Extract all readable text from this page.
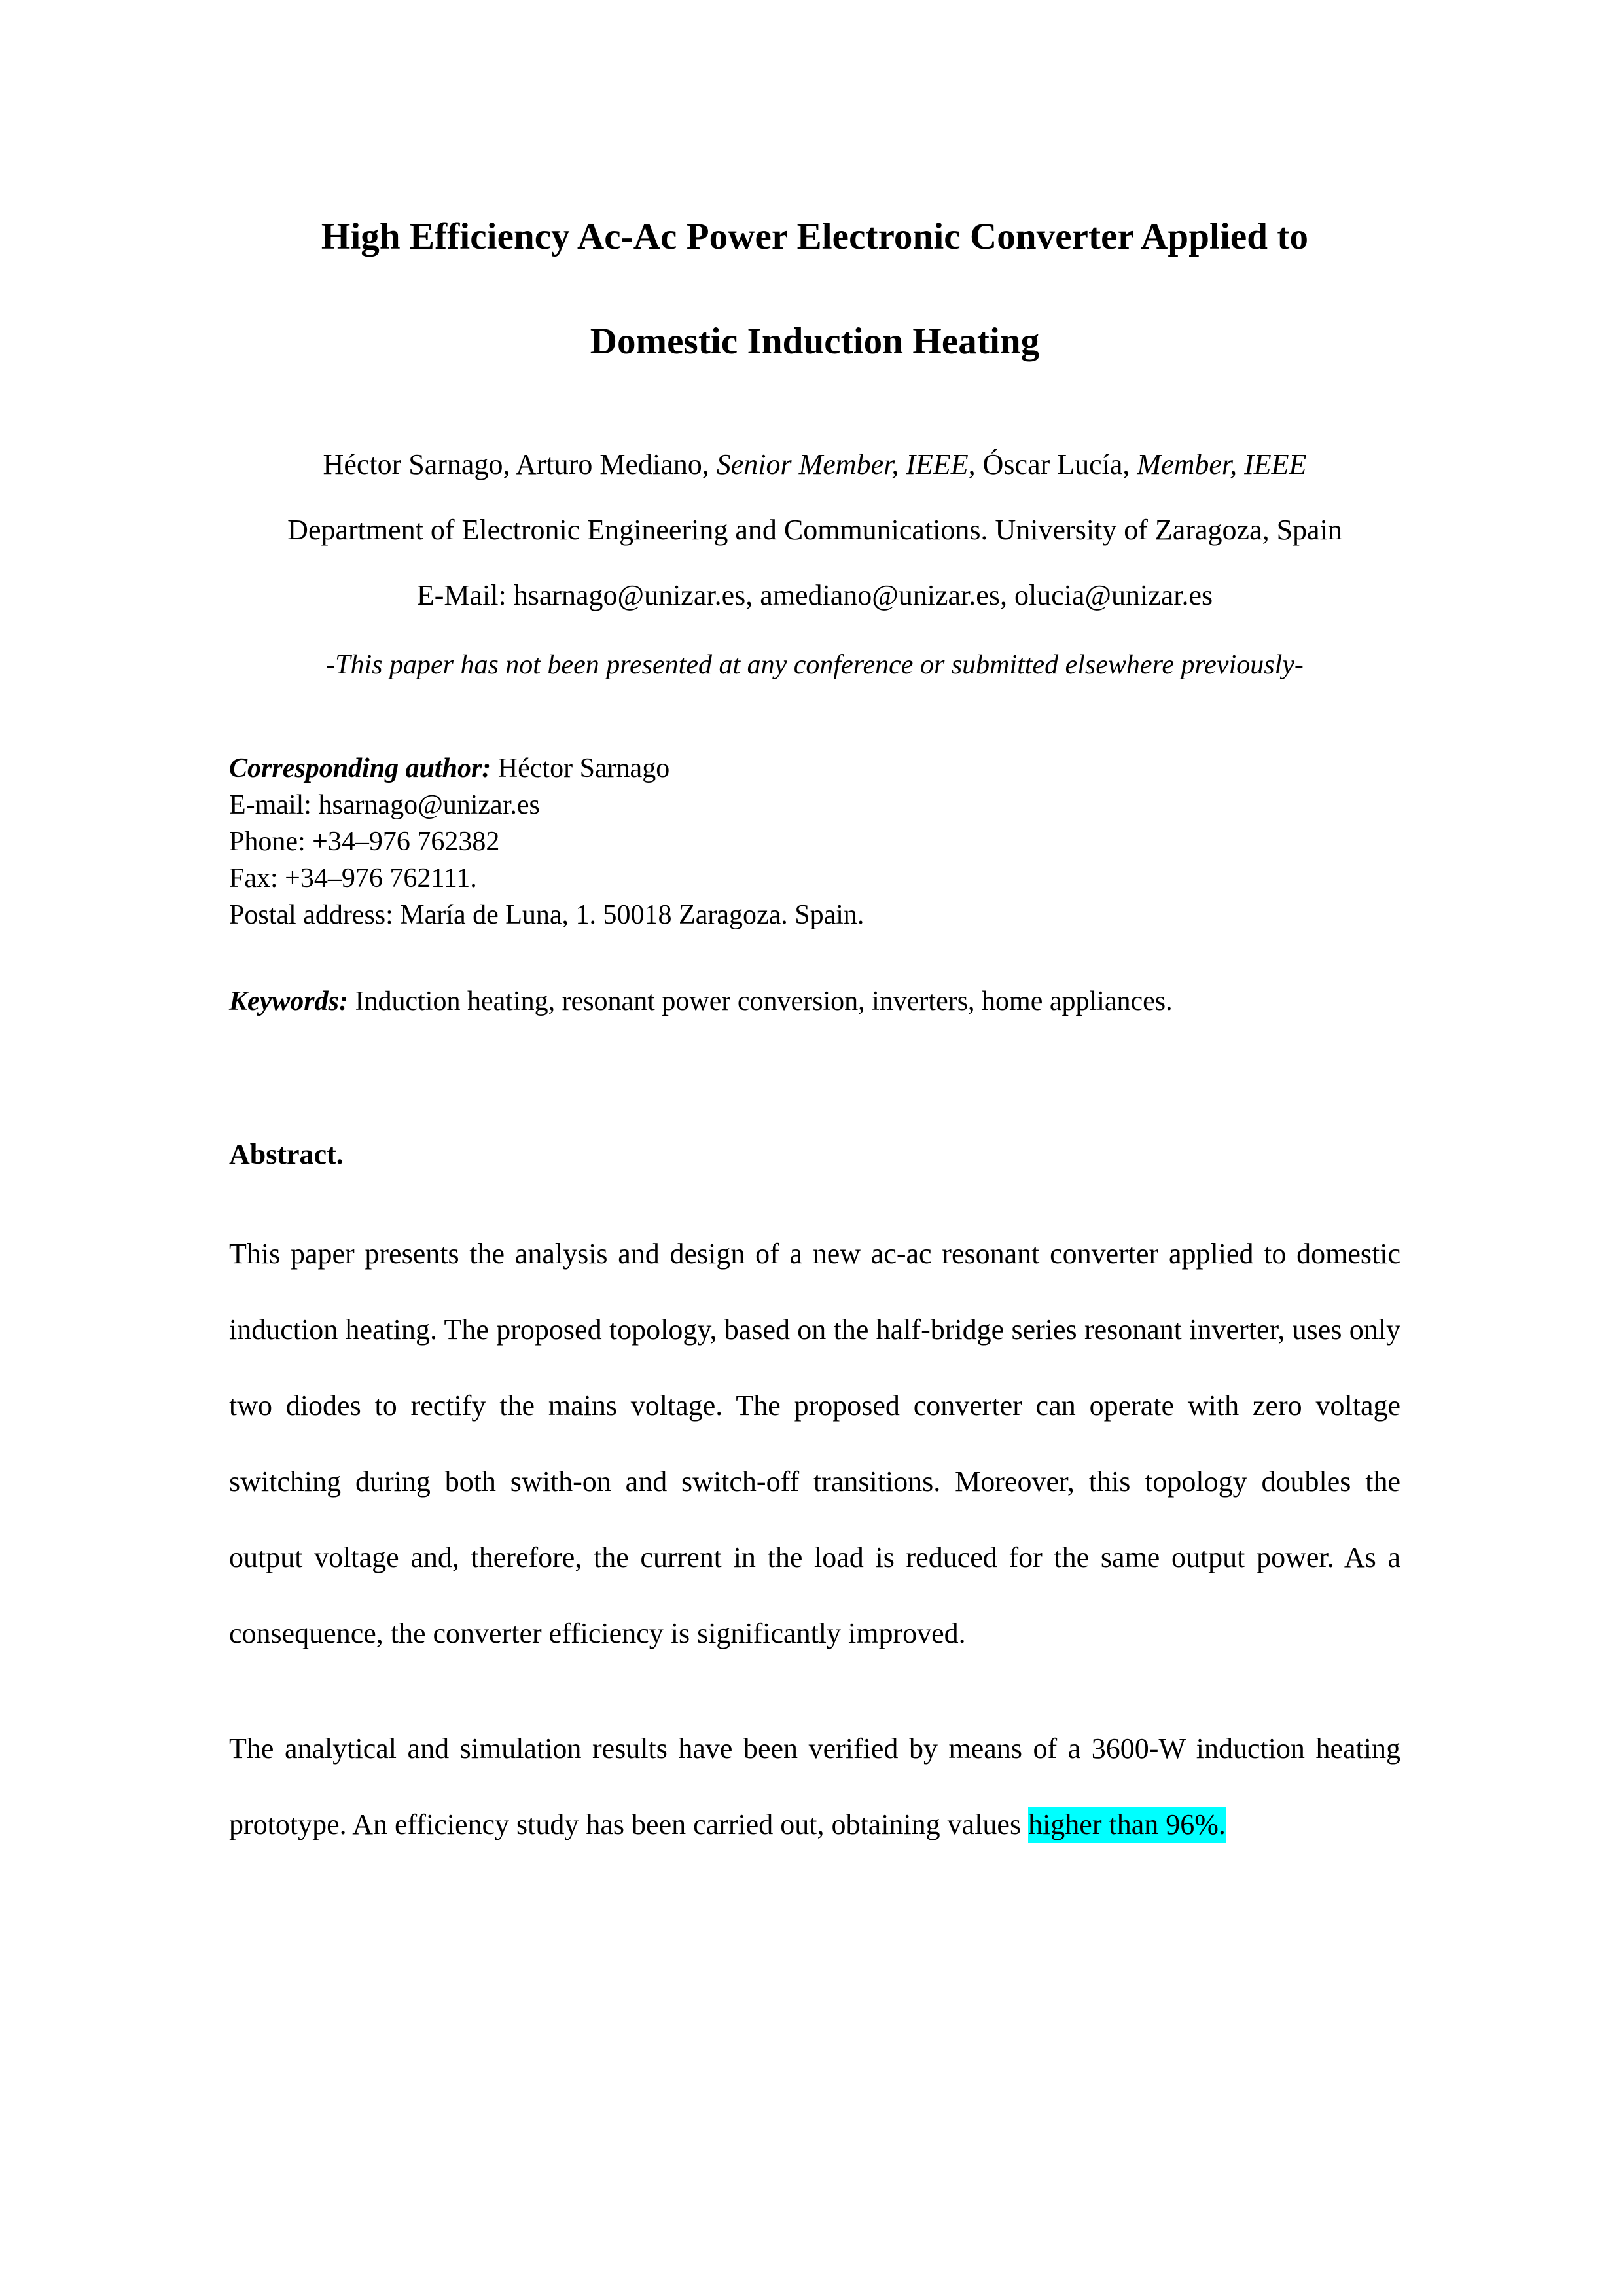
High Efficiency Ac-Ac Power Electronic Converter Applied to
Domestic Induction Heating
Héctor Sarnago, Arturo Mediano, Senior Member, IEEE, Óscar Lucía, Member, IEEE
Department of Electronic Engineering and Communications. University of Zaragoza, Spain
E-Mail: hsarnago@unizar.es, amediano@unizar.es, olucia@unizar.es
-This paper has not been presented at any conference or submitted elsewhere previously-
Corresponding author: Héctor Sarnago
E-mail: hsarnago@unizar.es
Phone: +34–976 762382
Fax: +34–976 762111.
Postal address: María de Luna, 1. 50018 Zaragoza. Spain.
Keywords: Induction heating, resonant power conversion, inverters, home appliances.
Abstract.
This paper presents the analysis and design of a new ac-ac resonant converter applied to domestic induction heating. The proposed topology, based on the half-bridge series resonant inverter, uses only two diodes to rectify the mains voltage. The proposed converter can operate with zero voltage switching during both swith-on and switch-off transitions. Moreover, this topology doubles the output voltage and, therefore, the current in the load is reduced for the same output power. As a consequence, the converter efficiency is significantly improved.
The analytical and simulation results have been verified by means of a 3600-W induction heating prototype. An efficiency study has been carried out, obtaining values higher than 96%.
